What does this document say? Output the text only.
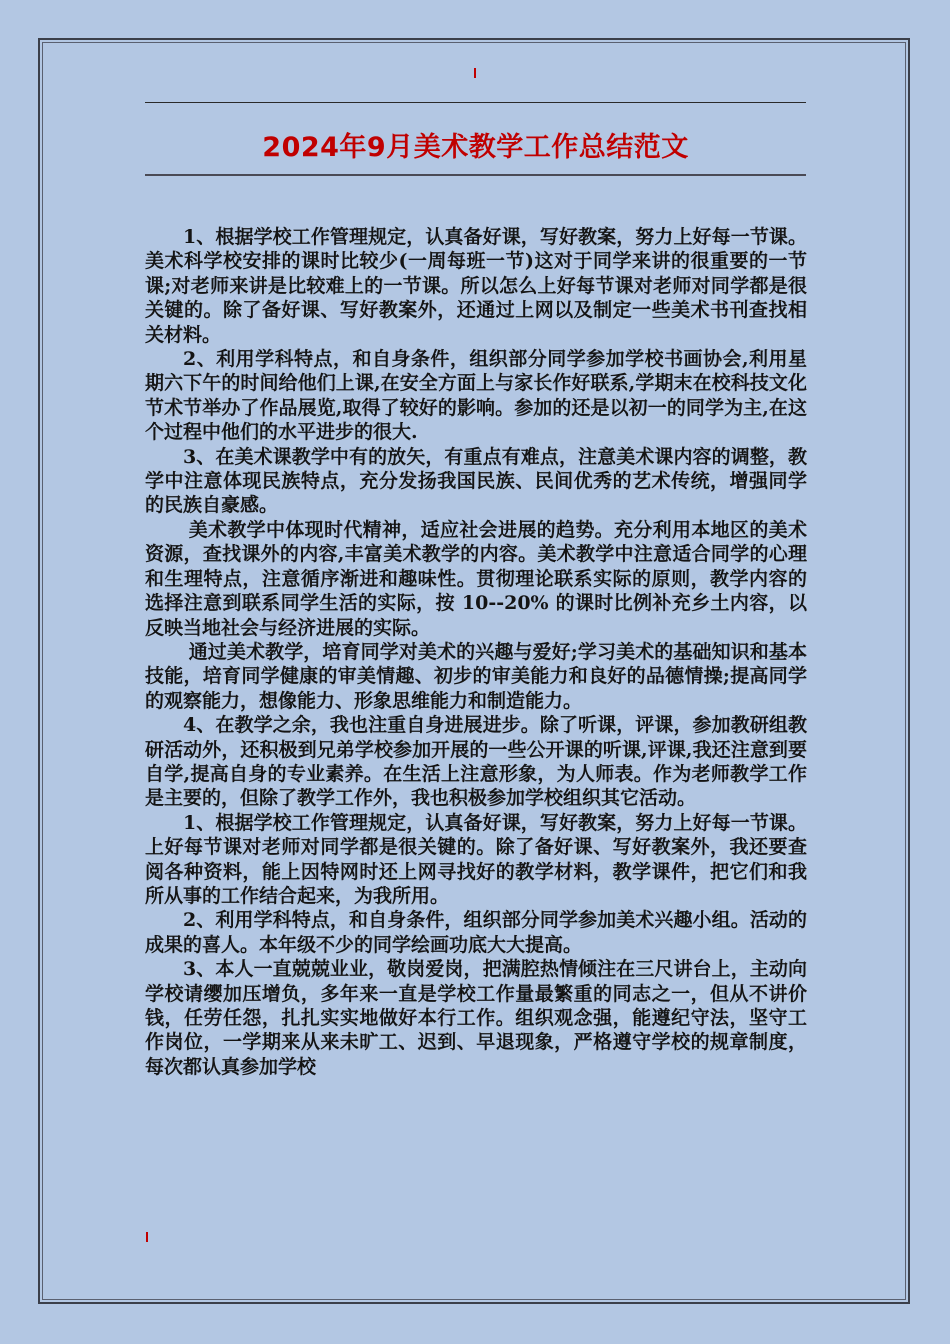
2024年9月美术教学工作总结范文

1、根据学校工作管理规定，认真备好课，写好教案，努力上好每一节课。美术科学校安排的课时比较少(一周每班一节)这对于同学来讲的很重要的一节课;对老师来讲是比较难上的一节课。所以怎么上好每节课对老师对同学都是很关键的。除了备好课、写好教案外，还通过上网以及制定一些美术书刊查找相关材料。

2、利用学科特点，和自身条件，组织部分同学参加学校书画协会,利用星期六下午的时间给他们上课,在安全方面上与家长作好联系,学期末在校科技文化节术节举办了作品展览,取得了较好的影响。参加的还是以初一的同学为主,在这个过程中他们的水平进步的很大.

3、在美术课教学中有的放矢，有重点有难点，注意美术课内容的调整，教学中注意体现民族特点，充分发扬我国民族、民间优秀的艺术传统，增强同学的民族自豪感。

美术教学中体现时代精神，适应社会进展的趋势。充分利用本地区的美术资源，查找课外的内容,丰富美术教学的内容。美术教学中注意适合同学的心理和生理特点，注意循序渐进和趣味性。贯彻理论联系实际的原则，教学内容的选择注意到联系同学生活的实际，按 10--20% 的课时比例补充乡土内容，以反映当地社会与经济进展的实际。

通过美术教学，培育同学对美术的兴趣与爱好;学习美术的基础知识和基本技能，培育同学健康的审美情趣、初步的审美能力和良好的品德情操;提高同学的观察能力，想像能力、形象思维能力和制造能力。

4、在教学之余，我也注重自身进展进步。除了听课，评课，参加教研组教研活动外，还积极到兄弟学校参加开展的一些公开课的听课,评课,我还注意到要自学,提高自身的专业素养。在生活上注意形象，为人师表。作为老师教学工作是主要的，但除了教学工作外，我也积极参加学校组织其它活动。

1、根据学校工作管理规定，认真备好课，写好教案，努力上好每一节课。上好每节课对老师对同学都是很关键的。除了备好课、写好教案外，我还要查阅各种资料，能上因特网时还上网寻找好的教学材料，教学课件，把它们和我所从事的工作结合起来，为我所用。

2、利用学科特点，和自身条件，组织部分同学参加美术兴趣小组。活动的成果的喜人。本年级不少的同学绘画功底大大提高。

3、本人一直兢兢业业，敬岗爱岗，把满腔热情倾注在三尺讲台上，主动向学校请缨加压增负，多年来一直是学校工作量最繁重的同志之一，但从不讲价钱，任劳任怨，扎扎实实地做好本行工作。组织观念强，能遵纪守法，坚守工作岗位，一学期来从来未旷工、迟到、早退现象，严格遵守学校的规章制度，每次都认真参加学校
